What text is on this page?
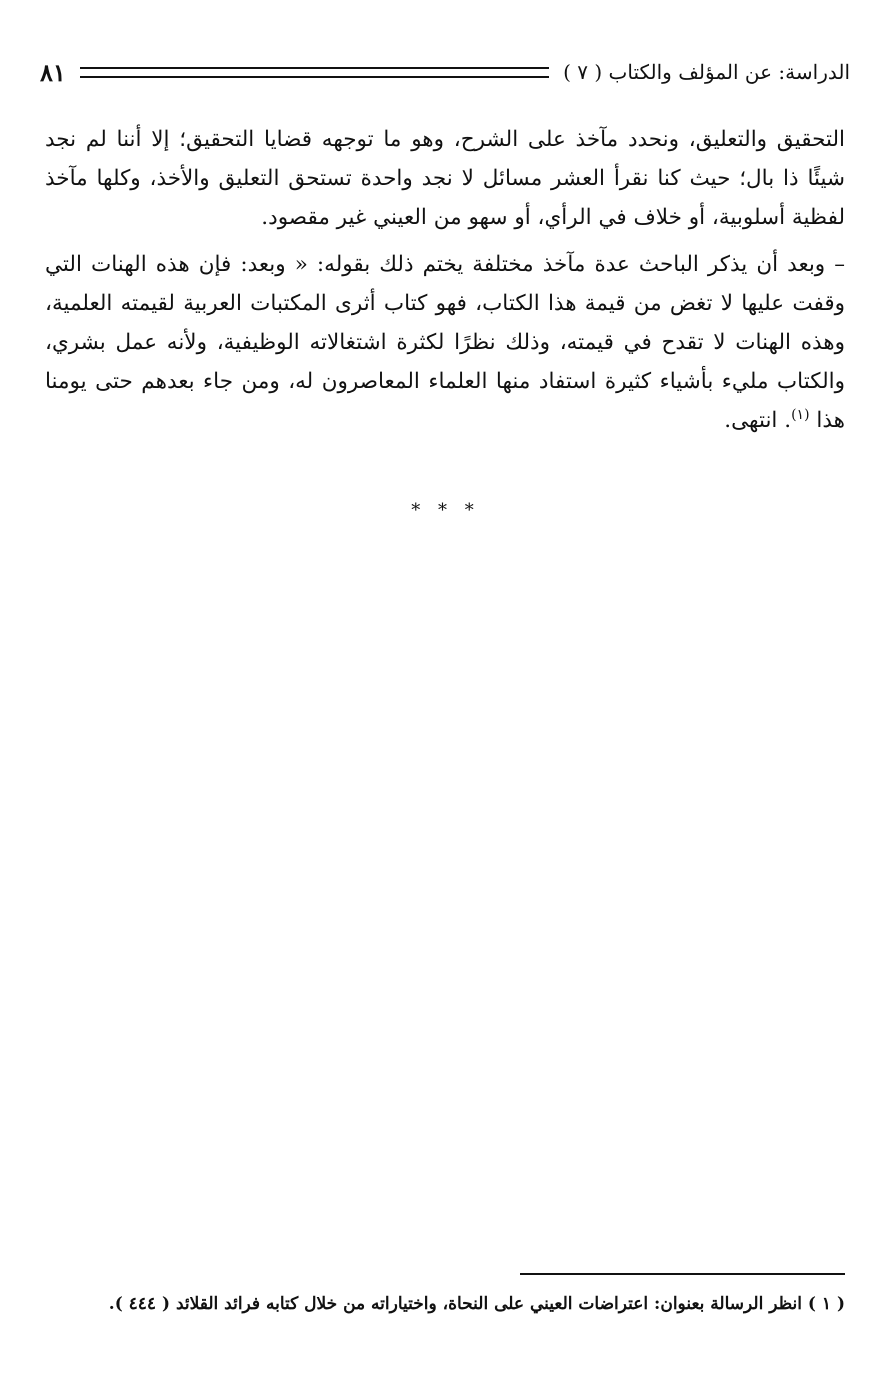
الدراسة: عن المؤلف والكتاب ( ٧ )
٨١

التحقيق والتعليق، ونحدد مآخذ على الشرح، وهو ما توجهه قضايا التحقيق؛ إلا أننا لم نجد شيئًا ذا بال؛ حيث كنا نقرأ العشر مسائل لا نجد واحدة تستحق التعليق والأخذ، وكلها مآخذ لفظية أسلوبية، أو خلاف في الرأي، أو سهو من العيني غير مقصود.

– وبعد أن يذكر الباحث عدة مآخذ مختلفة يختم ذلك بقوله: « وبعد: فإن هذه الهنات التي وقفت عليها لا تغض من قيمة هذا الكتاب، فهو كتاب أثرى المكتبات العربية لقيمته العلمية، وهذه الهنات لا تقدح في قيمته، وذلك نظرًا لكثرة اشتغالاته الوظيفية، ولأنه عمل بشري، والكتاب مليء بأشياء كثيرة استفاد منها العلماء المعاصرون له، ومن جاء بعدهم حتى يومنا هذا $^{(١)}$. انتهى.

* * *
( ١ ) انظر الرسالة بعنوان: اعتراضات العيني على النحاة، واختياراته من خلال كتابه فرائد القلائد ( ٤٤٤ ).
